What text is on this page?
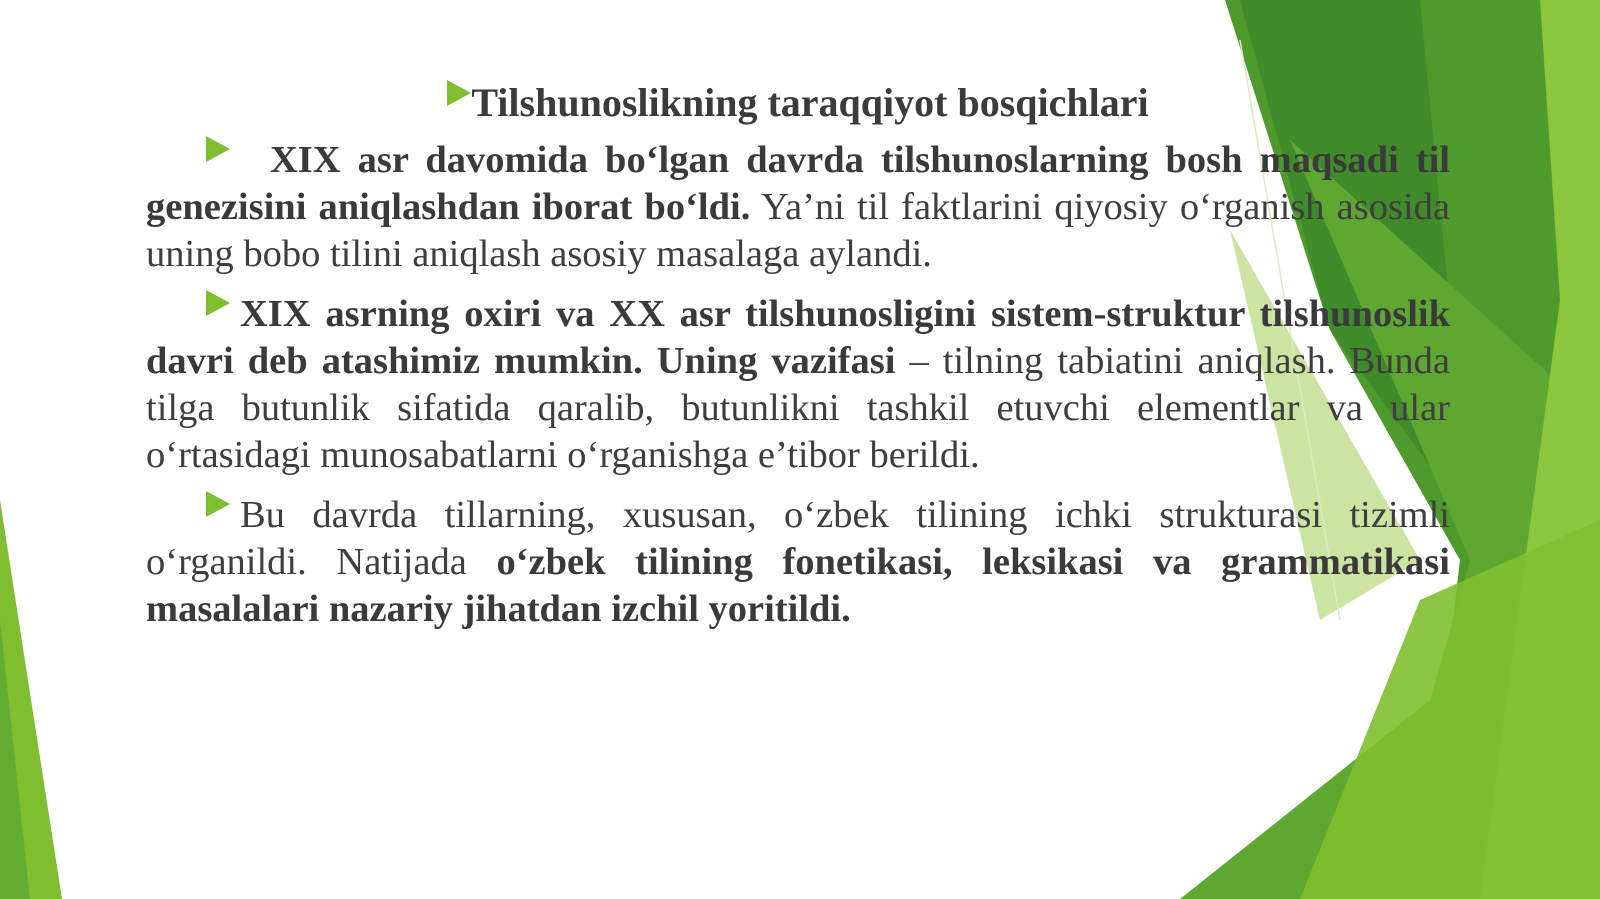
Tilshunoslikning taraqqiyot bosqichlari

XIX asr davomida bo‘lgan davrda tilshunoslarning bosh maqsadi til genezisini aniqlashdan iborat bo‘ldi. Ya’ni til faktlarini qiyosiy o‘rganish asosida uning bobo tilini aniqlash asosiy masalaga aylandi.

XIX asrning oxiri va XX asr tilshunosligini sistem-struktur tilshunoslik davri deb atashimiz mumkin. Uning vazifasi – tilning tabiatini aniqlash. Bunda tilga butunlik sifatida qaralib, butunlikni tashkil etuvchi elementlar va ular o‘rtasidagi munosabatlarni o‘rganishga e’tibor berildi.

Bu davrda tillarning, xususan, o‘zbek tilining ichki strukturasi tizimli o‘rganildi. Natijada o‘zbek tilining fonetikasi, leksikasi va grammatikasi masalalari nazariy jihatdan izchil yoritildi.
